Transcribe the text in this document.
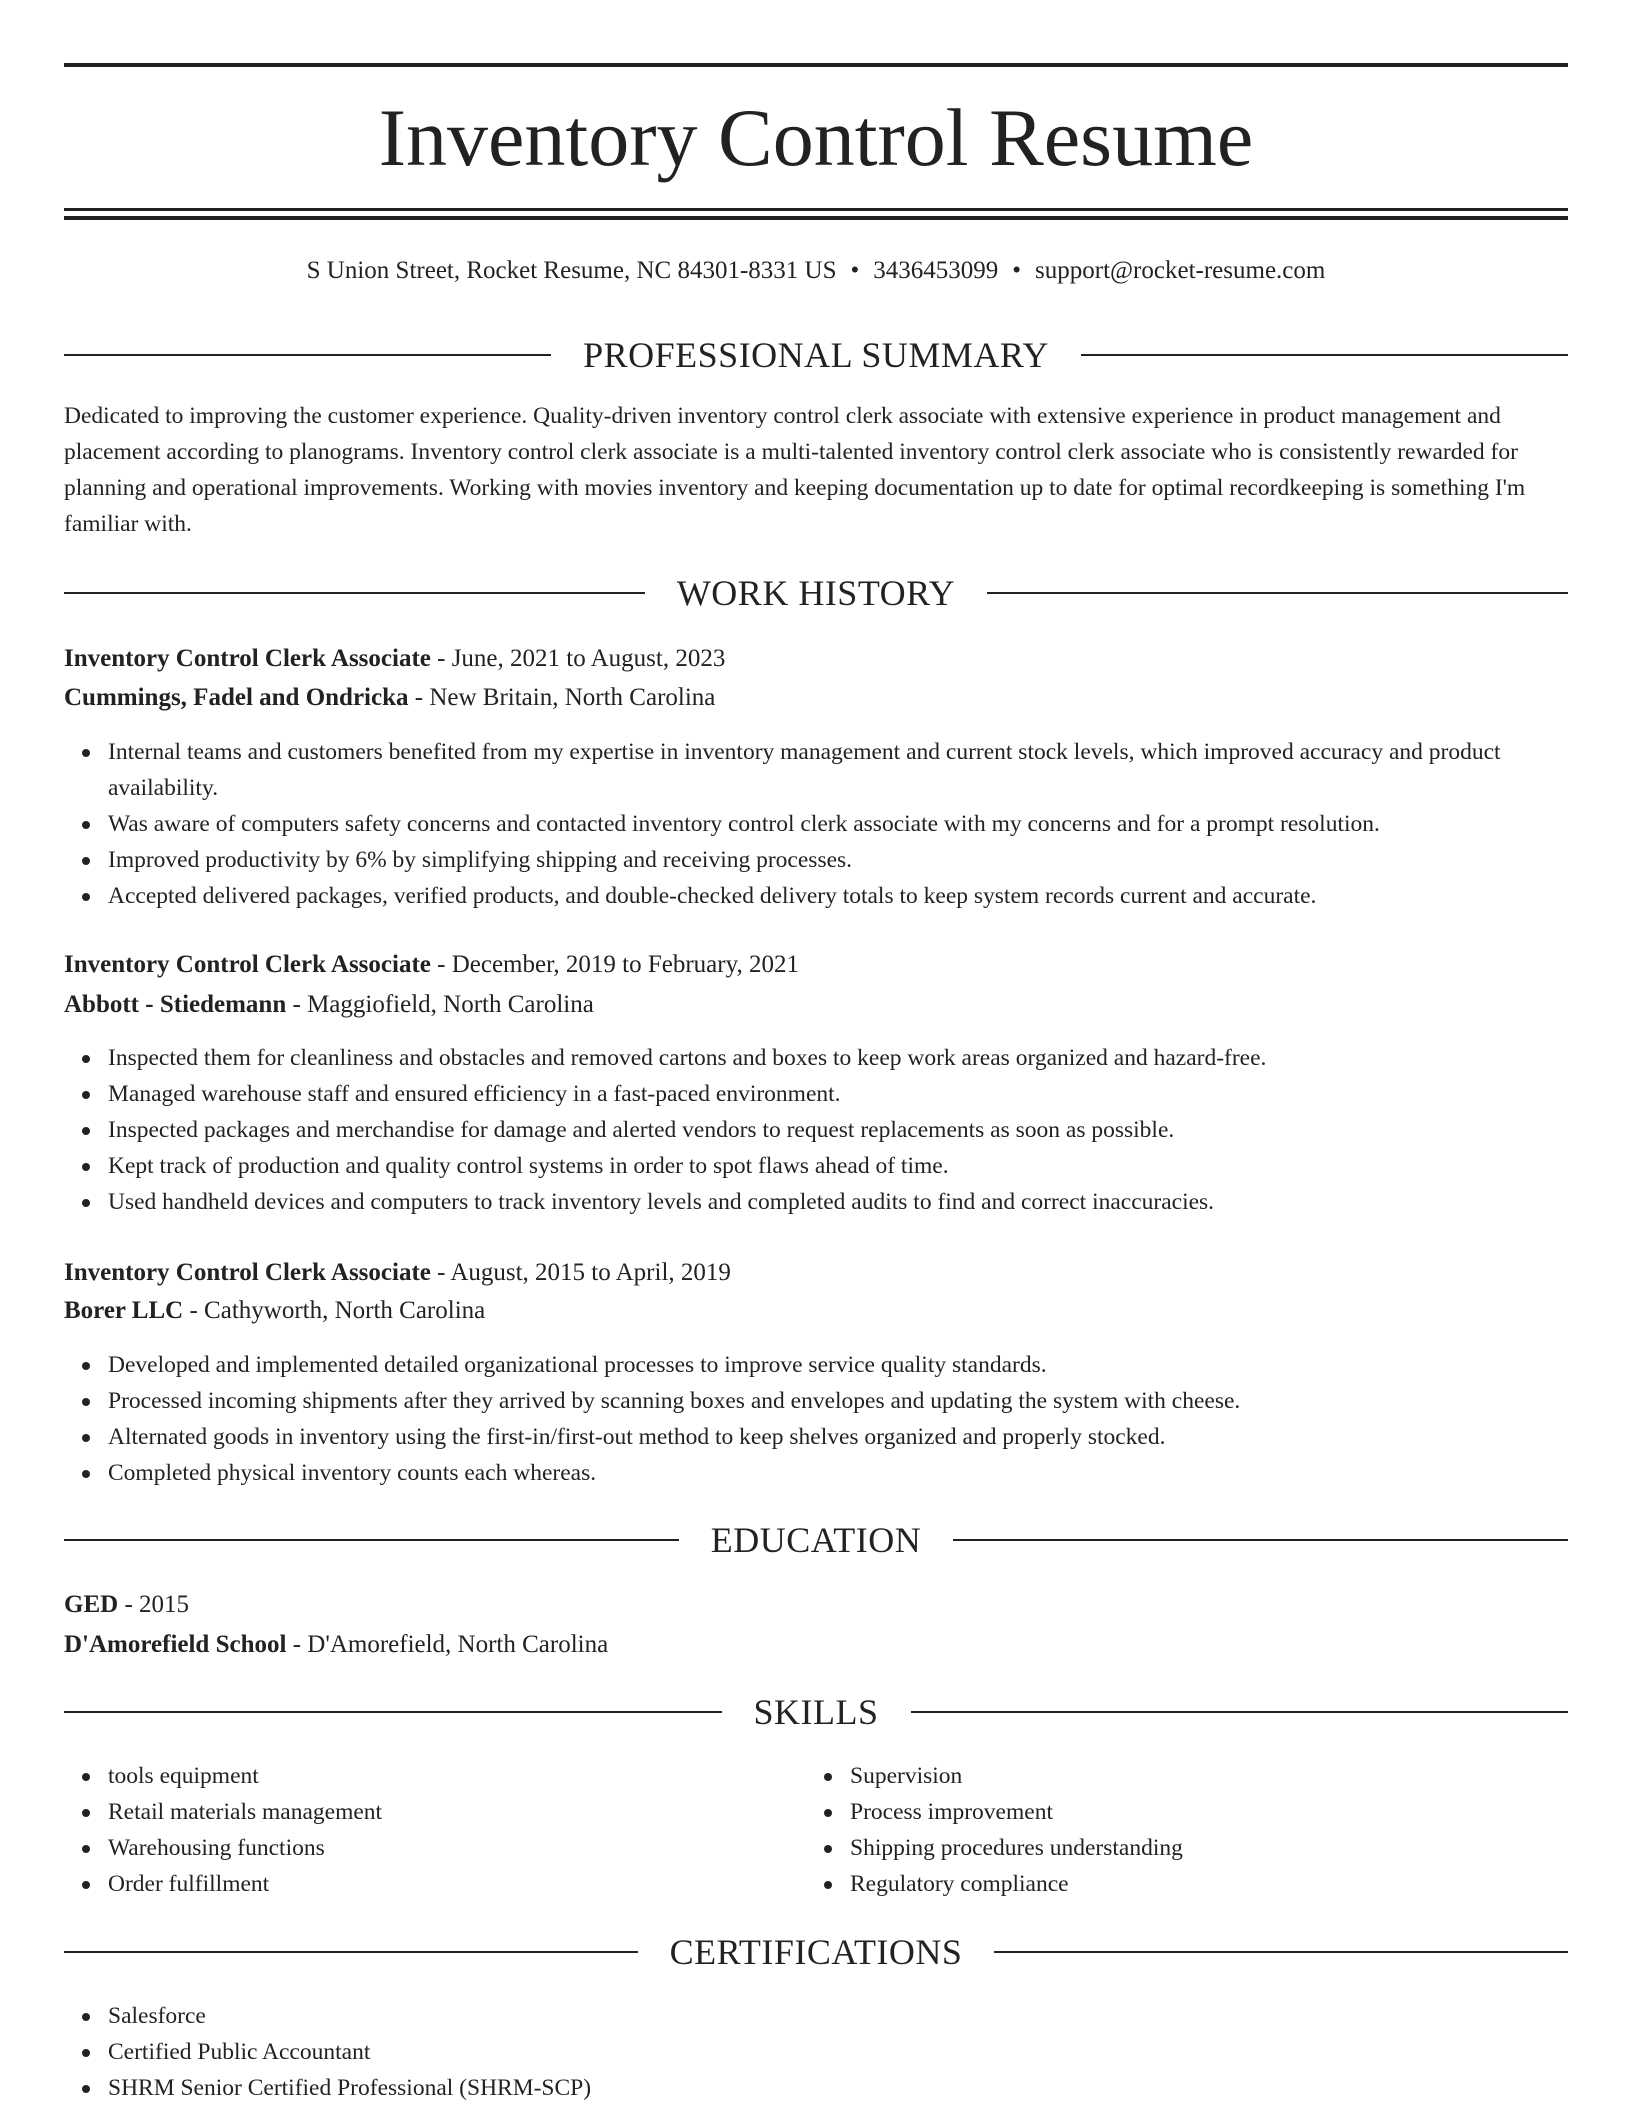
Inventory Control Resume
S Union Street, Rocket Resume, NC 84301-8331 US • 3436453099 • support@rocket-resume.com
PROFESSIONAL SUMMARY

Dedicated to improving the customer experience. Quality-driven inventory control clerk associate with extensive experience in product management and placement according to planograms. Inventory control clerk associate is a multi-talented inventory control clerk associate who is consistently rewarded for planning and operational improvements. Working with movies inventory and keeping documentation up to date for optimal recordkeeping is something I'm familiar with.

WORK HISTORY
Inventory Control Clerk Associate - June, 2021 to August, 2023
Cummings, Fadel and Ondricka - New Britain, North Carolina
Internal teams and customers benefited from my expertise in inventory management and current stock levels, which improved accuracy and product availability.
Was aware of computers safety concerns and contacted inventory control clerk associate with my concerns and for a prompt resolution.
Improved productivity by 6% by simplifying shipping and receiving processes.
Accepted delivered packages, verified products, and double-checked delivery totals to keep system records current and accurate.
Inventory Control Clerk Associate - December, 2019 to February, 2021
Abbott - Stiedemann - Maggiofield, North Carolina
Inspected them for cleanliness and obstacles and removed cartons and boxes to keep work areas organized and hazard-free.
Managed warehouse staff and ensured efficiency in a fast-paced environment.
Inspected packages and merchandise for damage and alerted vendors to request replacements as soon as possible.
Kept track of production and quality control systems in order to spot flaws ahead of time.
Used handheld devices and computers to track inventory levels and completed audits to find and correct inaccuracies.
Inventory Control Clerk Associate - August, 2015 to April, 2019
Borer LLC - Cathyworth, North Carolina
Developed and implemented detailed organizational processes to improve service quality standards.
Processed incoming shipments after they arrived by scanning boxes and envelopes and updating the system with cheese.
Alternated goods in inventory using the first-in/first-out method to keep shelves organized and properly stocked.
Completed physical inventory counts each whereas.
EDUCATION
GED - 2015
D'Amorefield School - D'Amorefield, North Carolina
SKILLS
tools equipment
Retail materials management
Warehousing functions
Order fulfillment
Supervision
Process improvement
Shipping procedures understanding
Regulatory compliance
CERTIFICATIONS
Salesforce
Certified Public Accountant
SHRM Senior Certified Professional (SHRM-SCP)
